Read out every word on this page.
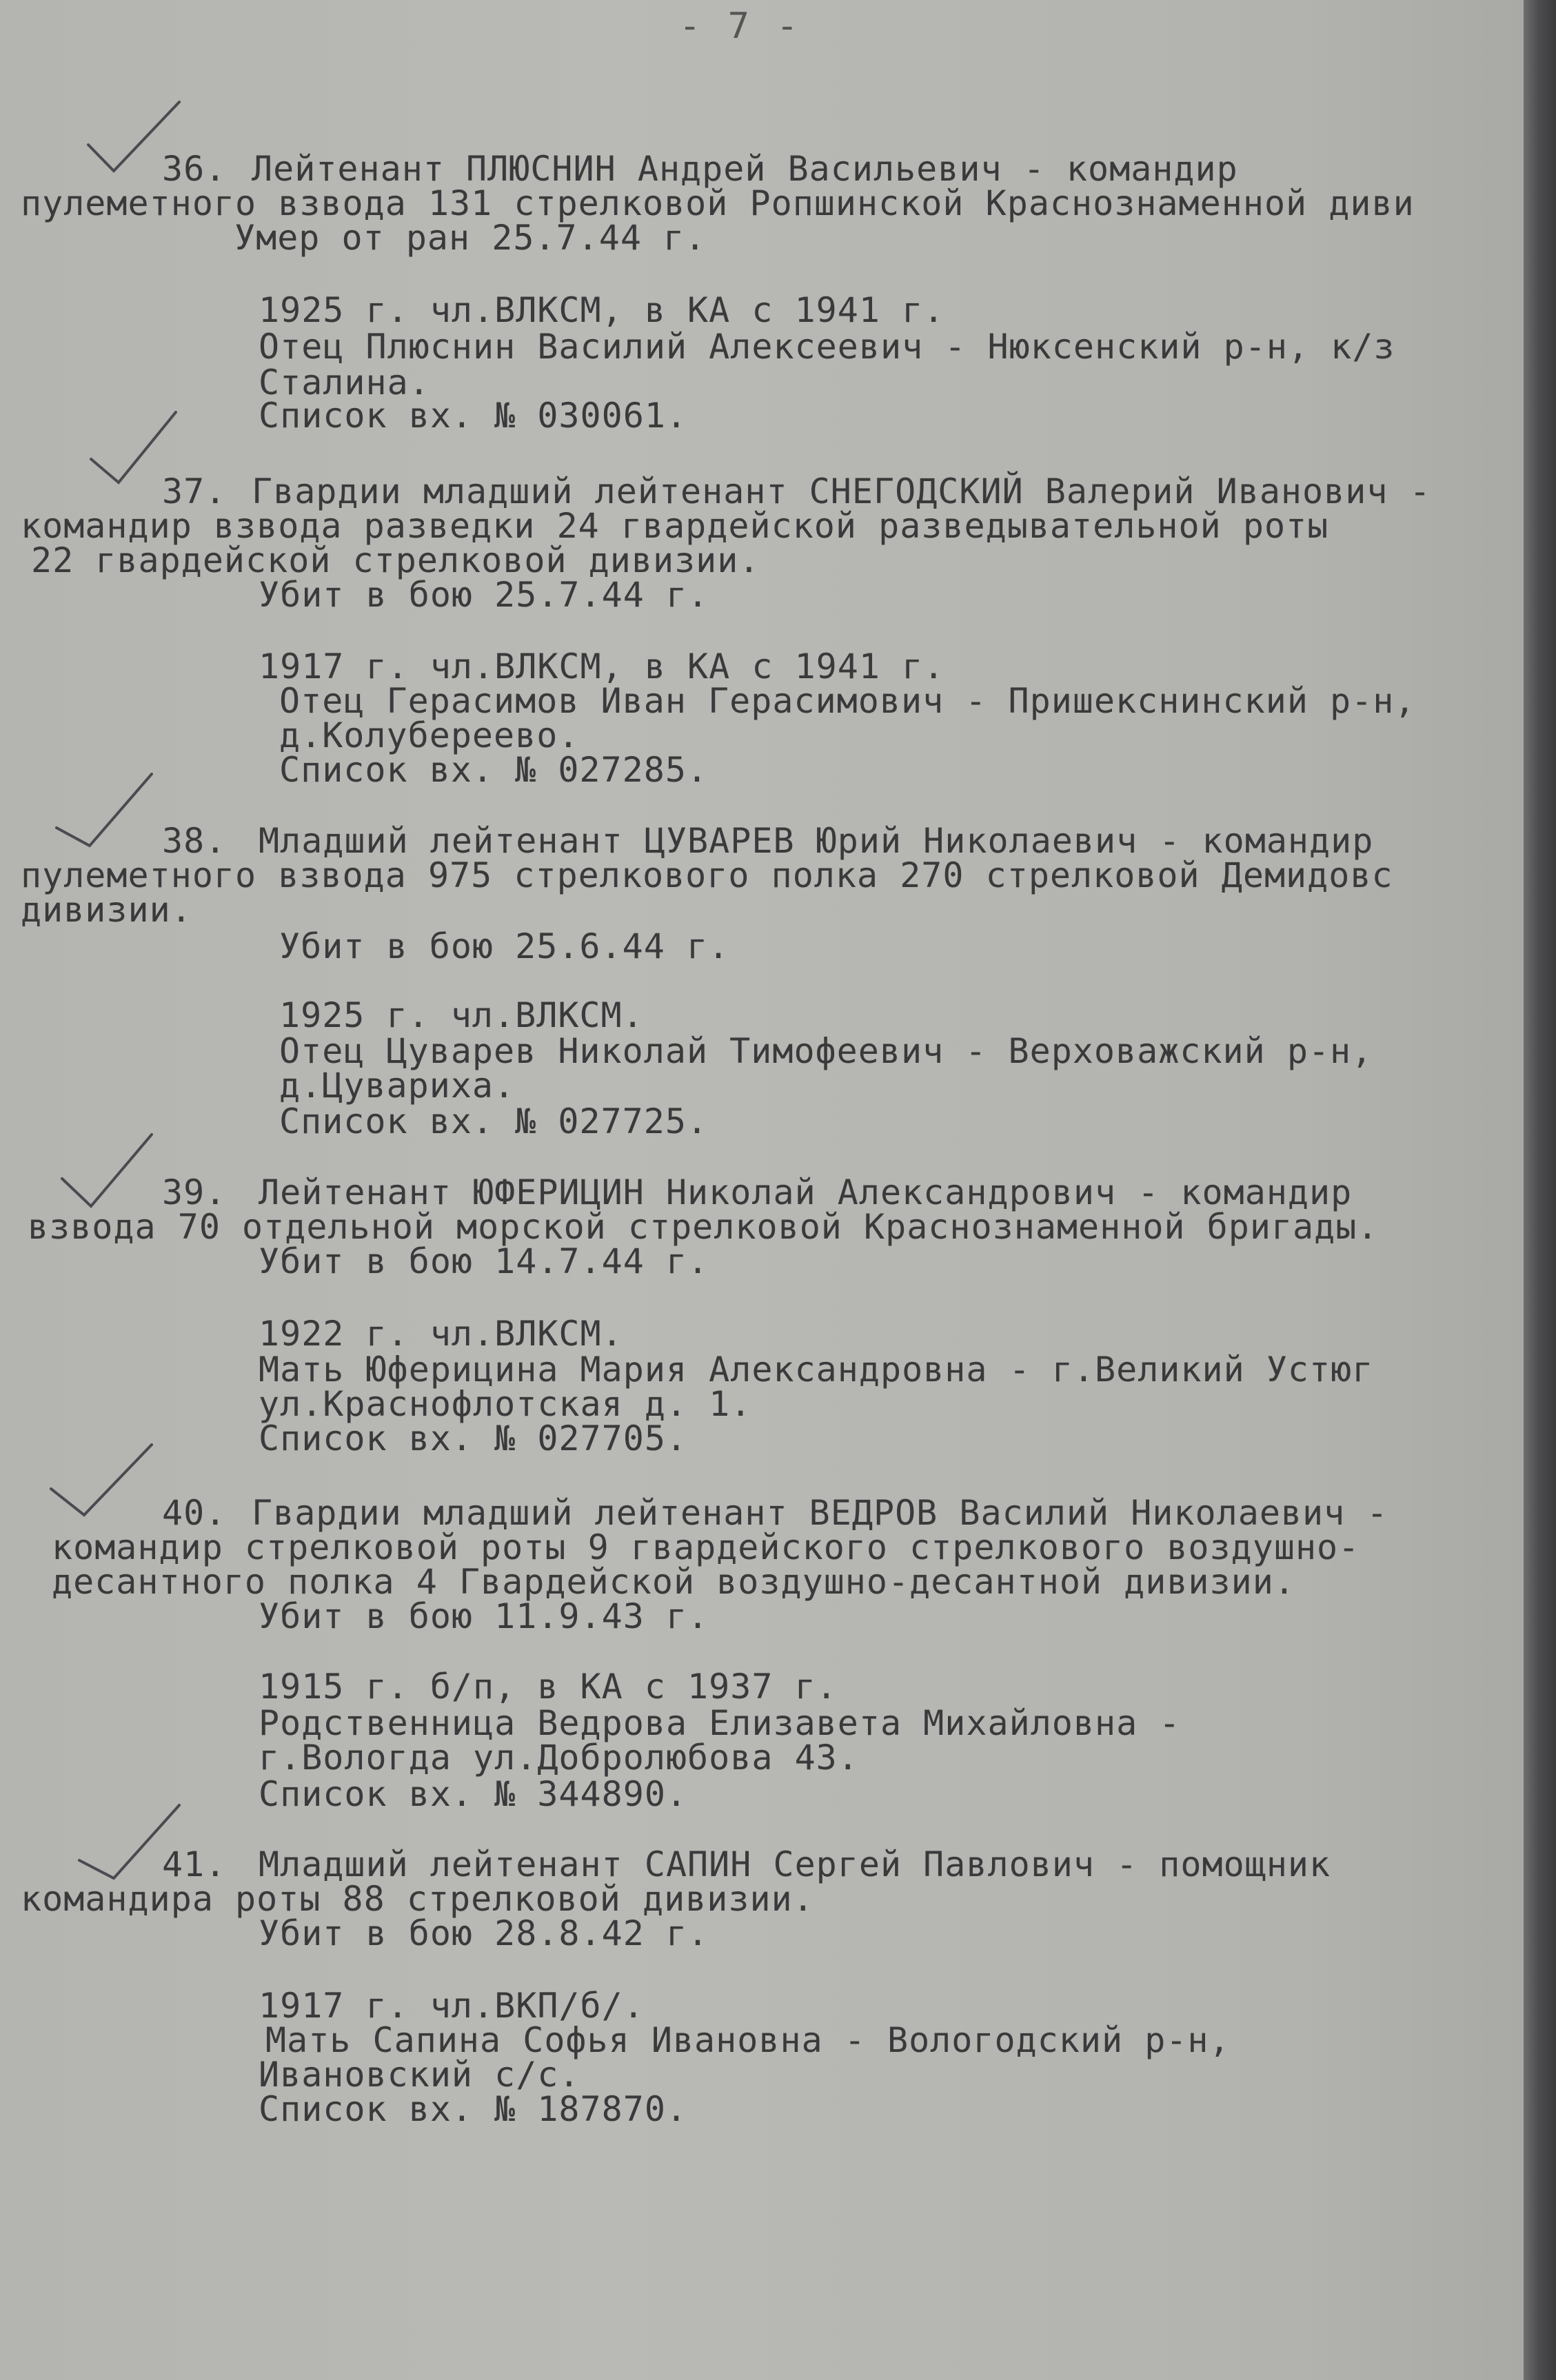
- 7 -
36. Лейтенант ПЛЮСНИН Андрей Васильевич - командир
пулеметного взвода 131 стрелковой Ропшинской Краснознаменной диви
Умер от ран 25.7.44 г.
1925 г. чл.ВЛКСМ, в КА с 1941 г.
Отец Плюснин Василий Алексеевич - Нюксенский р-н, к/з
Сталина.
Список вх. № 030061.
37. Гвардии младший лейтенант СНЕГОДСКИЙ Валерий Иванович -
командир взвода разведки 24 гвардейской разведывательной роты
22 гвардейской стрелковой дивизии.
Убит в бою 25.7.44 г.
1917 г. чл.ВЛКСМ, в КА с 1941 г.
Отец Герасимов Иван Герасимович - Пришекснинский р-н,
д.Колубереево.
Список вх. № 027285.
38. Младший лейтенант ЦУВАРЕВ Юрий Николаевич - командир
пулеметного взвода 975 стрелкового полка 270 стрелковой Демидовс
дивизии.
Убит в бою 25.6.44 г.
1925 г. чл.ВЛКСМ.
Отец Цуварев Николай Тимофеевич - Верховажский р-н,
д.Цувариха.
Список вх. № 027725.
39. Лейтенант ЮФЕРИЦИН Николай Александрович - командир
взвода 70 отдельной морской стрелковой Краснознаменной бригады.
Убит в бою 14.7.44 г.
1922 г. чл.ВЛКСМ.
Мать Юферицина Мария Александровна - г.Великий Устюг
ул.Краснофлотская д. 1.
Список вх. № 027705.
40. Гвардии младший лейтенант ВЕДРОВ Василий Николаевич -
командир стрелковой роты 9 гвардейского стрелкового воздушно-
десантного полка 4 Гвардейской воздушно-десантной дивизии.
Убит в бою 11.9.43 г.
1915 г. б/п, в КА с 1937 г.
Родственница Ведрова Елизавета Михайловна -
г.Вологда ул.Добролюбова 43.
Список вх. № 344890.
41. Младший лейтенант САПИН Сергей Павлович - помощник
командира роты 88 стрелковой дивизии.
Убит в бою 28.8.42 г.
1917 г. чл.ВКП/б/.
Мать Сапина Софья Ивановна - Вологодский р-н,
Ивановский с/с.
Список вх. № 187870.
